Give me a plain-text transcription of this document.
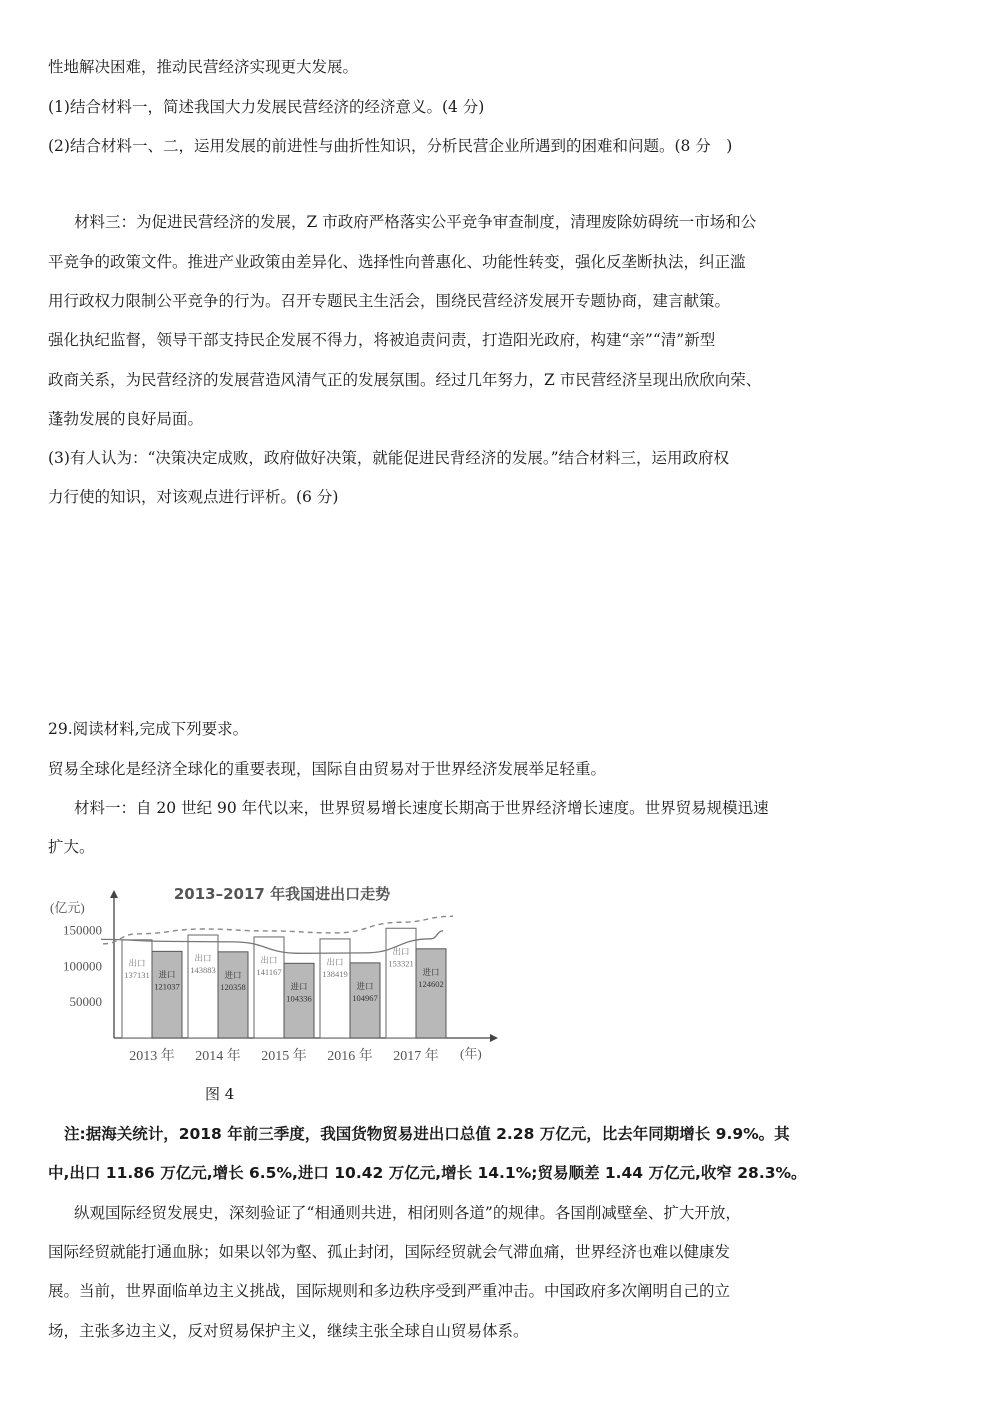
性地解决困难，推动民营经济实现更大发展。
(1)结合材料一，简述我国大力发展民营经济的经济意义。(4 分)
(2)结合材料一、二，运用发展的前进性与曲折性知识，分析民营企业所遇到的困难和问题。(8 分　)
材料三：为促进民营经济的发展，Z 市政府严格落实公平竞争审查制度，清理废除妨碍统一市场和公
平竞争的政策文件。推进产业政策由差异化、选择性向普惠化、功能性转变，强化反垄断执法，纠正滥
用行政权力限制公平竞争的行为。召开专题民主生活会，围绕民营经济发展开专题协商，建言献策。
强化执纪监督，领导干部支持民企发展不得力，将被追责问责，打造阳光政府，构建“亲”“清”新型
政商关系，为民营经济的发展营造风清气正的发展氛围。经过几年努力，Z 市民营经济呈现出欣欣向荣、
蓬勃发展的良好局面。
(3)有人认为：“决策决定成败，政府做好决策，就能促进民背经济的发展。”结合材料三，运用政府权
力行使的知识，对该观点进行评析。(6 分)
29.阅读材料,完成下列要求。
贸易全球化是经济全球化的重要表现，国际自由贸易对于世界经济发展举足轻重。
材料一：自 20 世纪 90 年代以来，世界贸易增长速度长期高于世界经济增长速度。世界贸易规模迅速
扩大。
2013–2017 年我国进出口走势
(亿元)
(年)
出口
137131 进口
121037
出口
143883 进口
120358
出口
141167
进口
104336
出口
138419
进口
104967
出口
153321
进口
124602
50000
100000
150000
2013 年 2014 年 2015 年 2016 年 2017 年
图 4
注:据海关统计，2018 年前三季度，我国货物贸易进出口总值 2.28 万亿元，比去年同期增长 9.9%。其
中,出口 11.86 万亿元,增长 6.5%,进口 10.42 万亿元,增长 14.1%;贸易顺差 1.44 万亿元,收窄 28.3%。
纵观国际经贸发展史，深刻验证了“相通则共进，相闭则各道”的规律。各国削减壁垒、扩大开放，
国际经贸就能打通血脉；如果以邻为壑、孤止封闭，国际经贸就会气滞血痛，世界经济也难以健康发
展。当前，世界面临单边主义挑战，国际规则和多边秩序受到严重冲击。中国政府多次阐明自己的立
场，主张多边主义，反对贸易保护主义，继续主张全球自山贸易体系。
